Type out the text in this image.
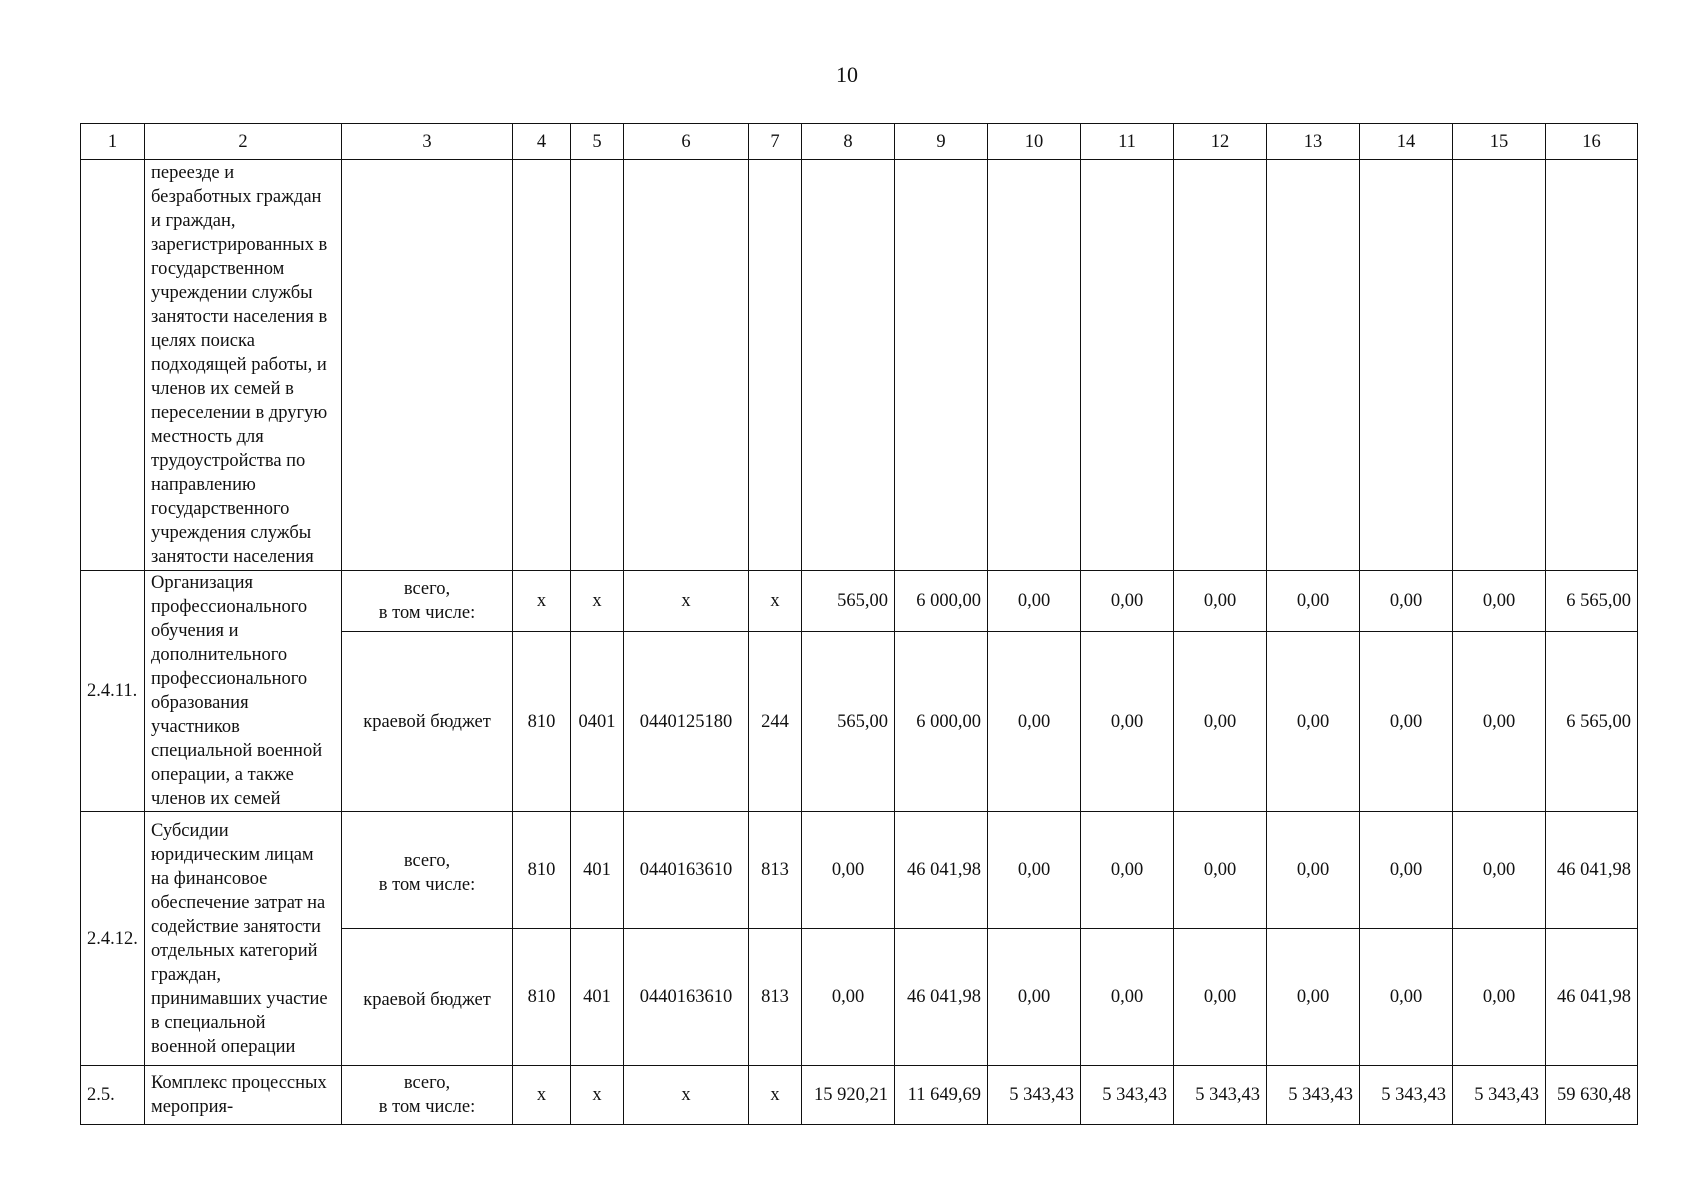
10
1	2	3	4	5	6	7	8	9	10	11	12	13	14	15	16
	переезде и безработных граждан и граждан, зарегистрированных в государственном учреждении службы занятости населения в целях поиска подходящей работы, и членов их семей в переселении в другую местность для трудоустройства по направлению государственного учреждения службы занятости населения														
2.4.11.	Организация профессионального обучения и дополнительного профессионального образования участников специальной военной операции, а также членов их семей	всего,
в том числе:	x	x	x	x	565,00	6 000,00	0,00	0,00	0,00	0,00	0,00	0,00	6 565,00
		краевой бюджет	810	0401	0440125180	244	565,00	6 000,00	0,00	0,00	0,00	0,00	0,00	0,00	6 565,00
2.4.12.	Субсидии юридическим лицам на финансовое обеспечение затрат на содействие занятости отдельных категорий граждан, принимавших участие в специальной военной операции	всего,
в том числе:	810	401	0440163610	813	0,00	46 041,98	0,00	0,00	0,00	0,00	0,00	0,00	46 041,98
		краевой бюджет	810	401	0440163610	813	0,00	46 041,98	0,00	0,00	0,00	0,00	0,00	0,00	46 041,98
2.5.	Комплекс процессных мероприя-	всего,
в том числе:	x	x	x	x	15 920,21	11 649,69	5 343,43	5 343,43	5 343,43	5 343,43	5 343,43	5 343,43	59 630,48
